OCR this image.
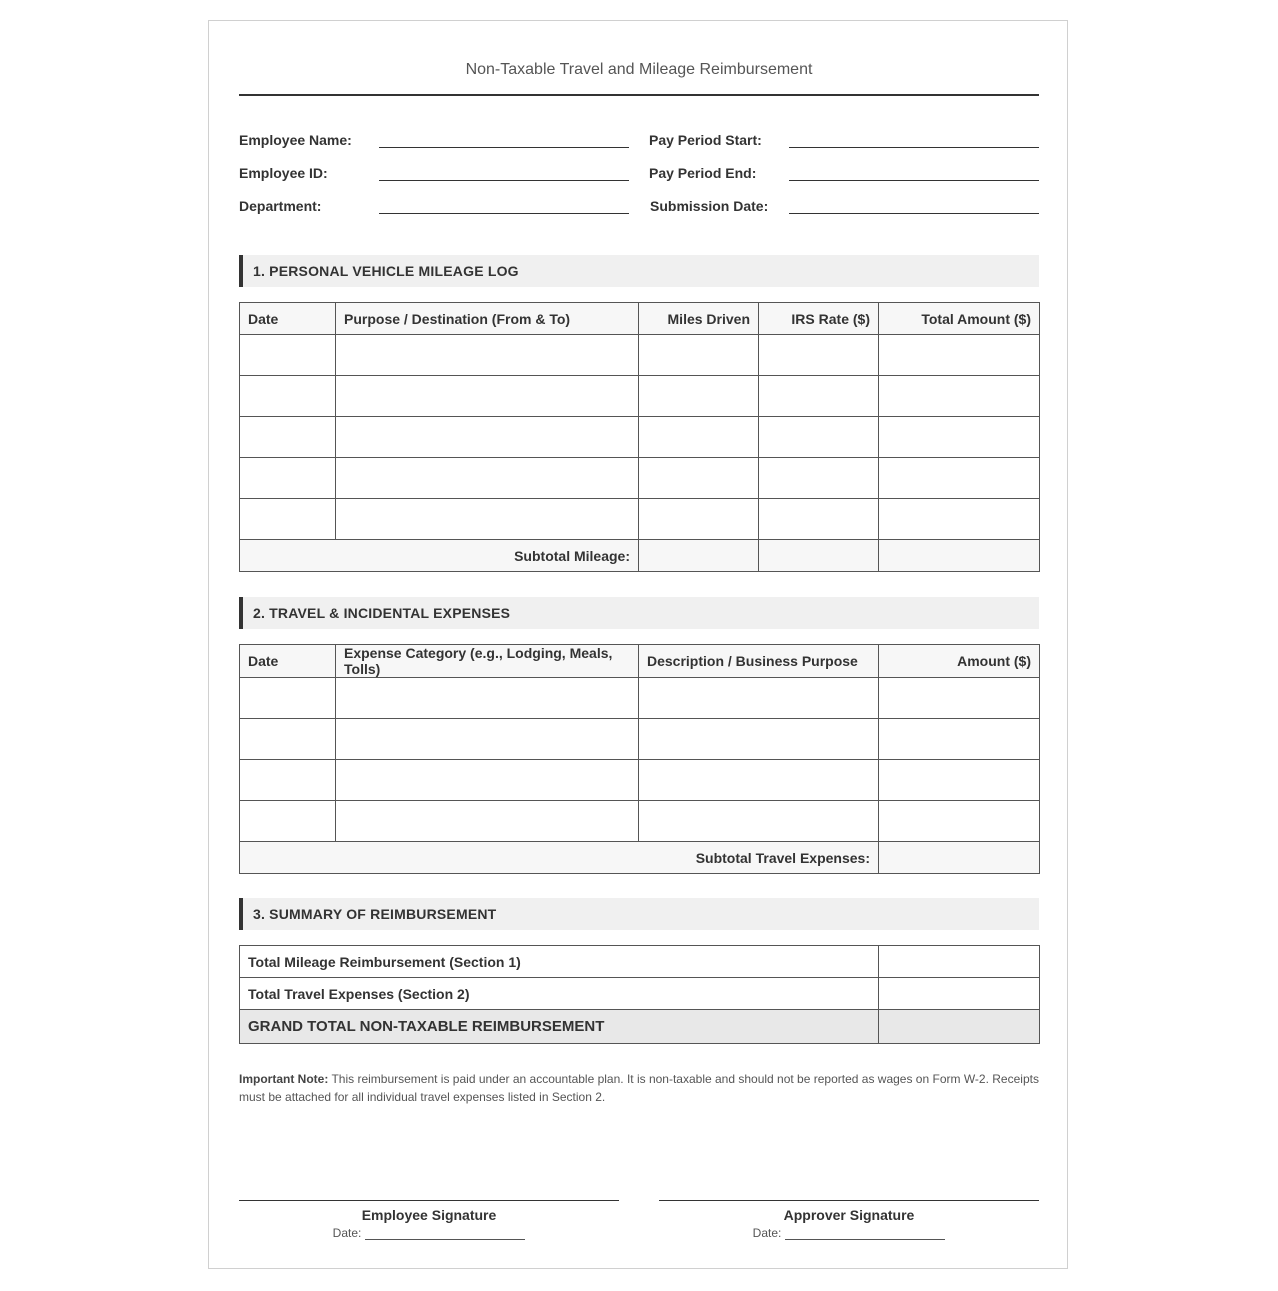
Non-Taxable Travel and Mileage Reimbursement
Employee Name:
Employee ID:
Department:
Pay Period Start:
Pay Period End:
Submission Date:
1. PERSONAL VEHICLE MILEAGE LOG
Date	Purpose / Destination (From & To)	Miles Driven	IRS Rate ($)	Total Amount ($)

Subtotal Mileage:				
2. TRAVEL & INCIDENTAL EXPENSES
Date	Expense Category (e.g., Lodging, Meals, Tolls)	Description / Business Purpose	Amount ($)

Subtotal Travel Expenses:			
3. SUMMARY OF REIMBURSEMENT
Total Mileage Reimbursement (Section 1)	
Total Travel Expenses (Section 2)	
GRAND TOTAL NON-TAXABLE REIMBURSEMENT	
Important Note: This reimbursement is paid under an accountable plan. It is non-taxable and should not be reported as wages on Form W-2. Receipts must be attached for all individual travel expenses listed in Section 2.
Employee Signature
Date:
Approver Signature
Date:
